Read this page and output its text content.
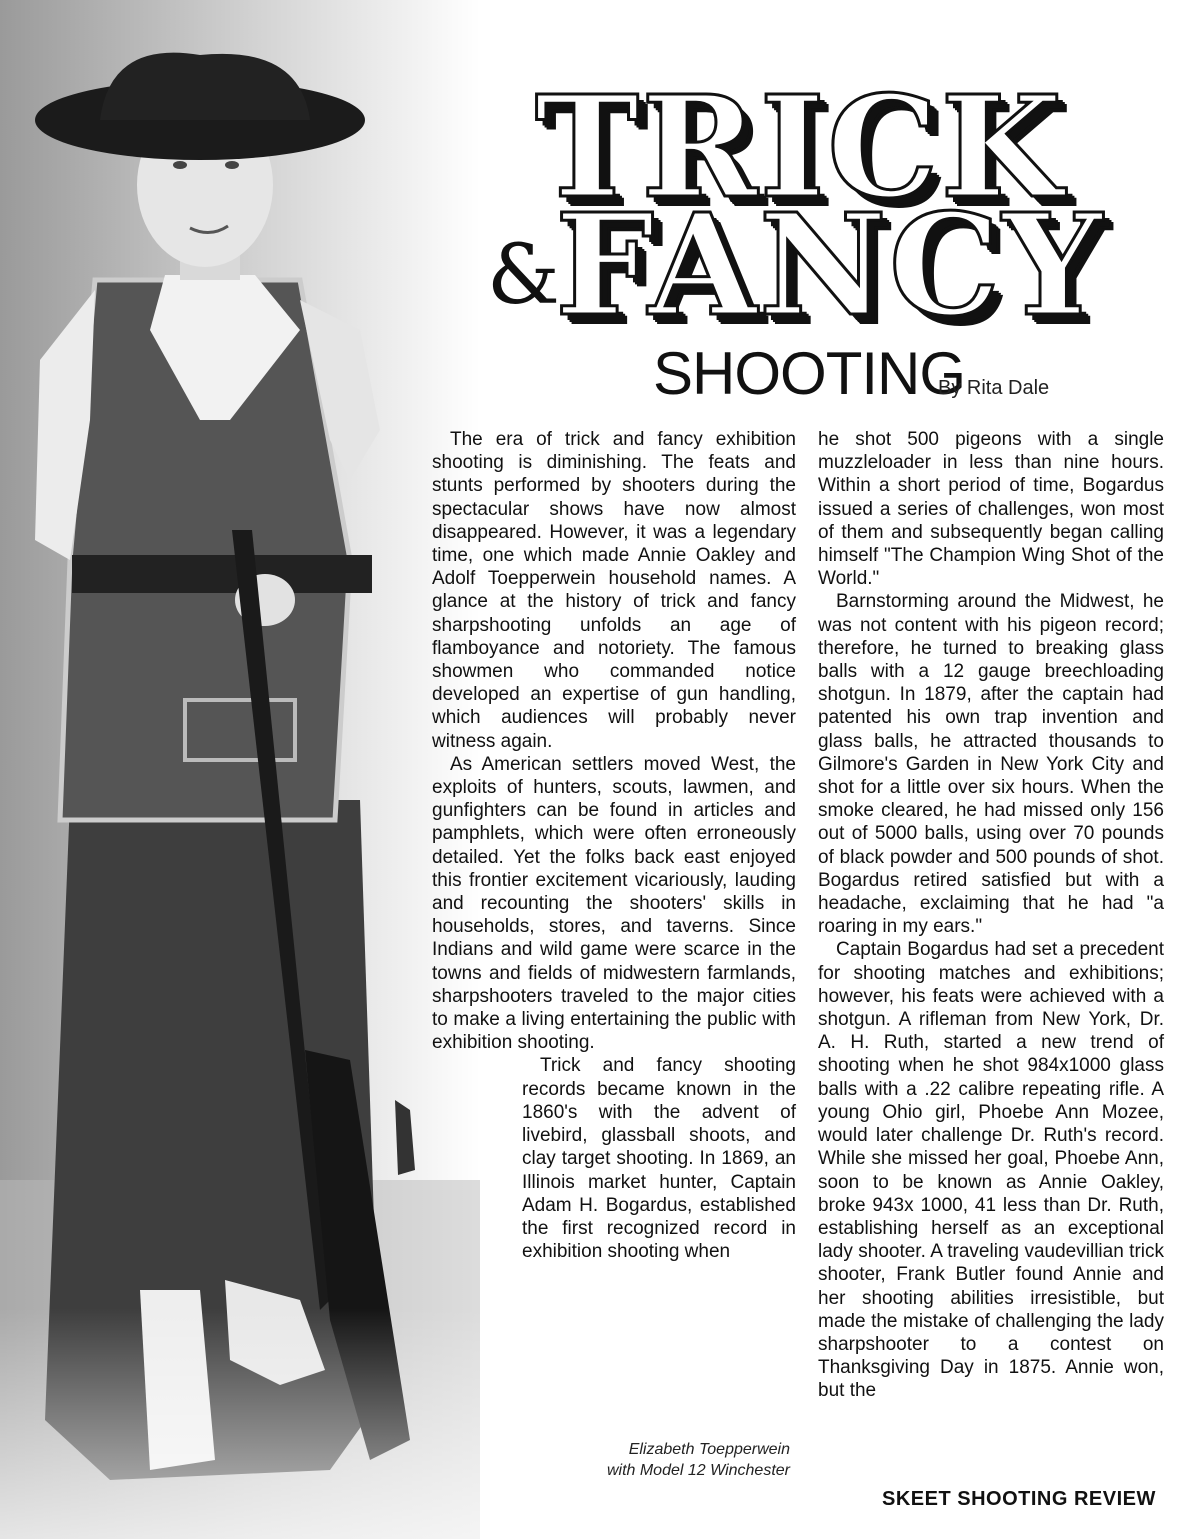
TRICK
&
FANCY
SHOOTING
By Rita Dale

The era of trick and fancy exhibition shooting is diminishing. The feats and stunts performed by shooters during the spectacular shows have now almost disappeared. However, it was a legendary time, one which made Annie Oakley and Adolf Toepperwein household names. A glance at the history of trick and fancy sharpshooting unfolds an age of flamboyance and notoriety. The famous showmen who commanded notice developed an expertise of gun handling, which audiences will probably never witness again.

As American settlers moved West, the exploits of hunters, scouts, lawmen, and gunfighters can be found in articles and pamphlets, which were often erroneously detailed. Yet the folks back east enjoyed this frontier excitement vicariously, lauding and recounting the shooters' skills in households, stores, and taverns. Since Indians and wild game were scarce in the towns and fields of midwestern farmlands, sharpshooters traveled to the major cities to make a living entertaining the public with exhibition shooting.

Trick and fancy shooting records became known in the 1860's with the advent of livebird, glassball shoots, and clay target shooting. In 1869, an Illinois market hunter, Captain Adam H. Bogardus, established the first recognized record in exhibition shooting when

he shot 500 pigeons with a single muzzleloader in less than nine hours. Within a short period of time, Bogardus issued a series of challenges, won most of them and subsequently began calling himself "The Champion Wing Shot of the World."

Barnstorming around the Midwest, he was not content with his pigeon record; therefore, he turned to breaking glass balls with a 12 gauge breechloading shotgun. In 1879, after the captain had patented his own trap invention and glass balls, he attracted thousands to Gilmore's Garden in New York City and shot for a little over six hours. When the smoke cleared, he had missed only 156 out of 5000 balls, using over 70 pounds of black powder and 500 pounds of shot. Bogardus retired satisfied but with a headache, exclaiming that he had "a roaring in my ears."

Captain Bogardus had set a precedent for shooting matches and exhibitions; however, his feats were achieved with a shotgun. A rifleman from New York, Dr. A. H. Ruth, started a new trend of shooting when he shot 984x1000 glass balls with a .22 calibre repeating rifle. A young Ohio girl, Phoebe Ann Mozee, would later challenge Dr. Ruth's record. While she missed her goal, Phoebe Ann, soon to be known as Annie Oakley, broke 943x 1000, 41 less than Dr. Ruth, establishing herself as an exceptional lady shooter. A traveling vaudevillian trick shooter, Frank Butler found Annie and her shooting abilities irresistible, but made the mistake of challenging the lady sharpshooter to a contest on Thanksgiving Day in 1875. Annie won, but the

Elizabeth Toepperwein
with Model 12 Winchester
SKEET SHOOTING REVIEW
